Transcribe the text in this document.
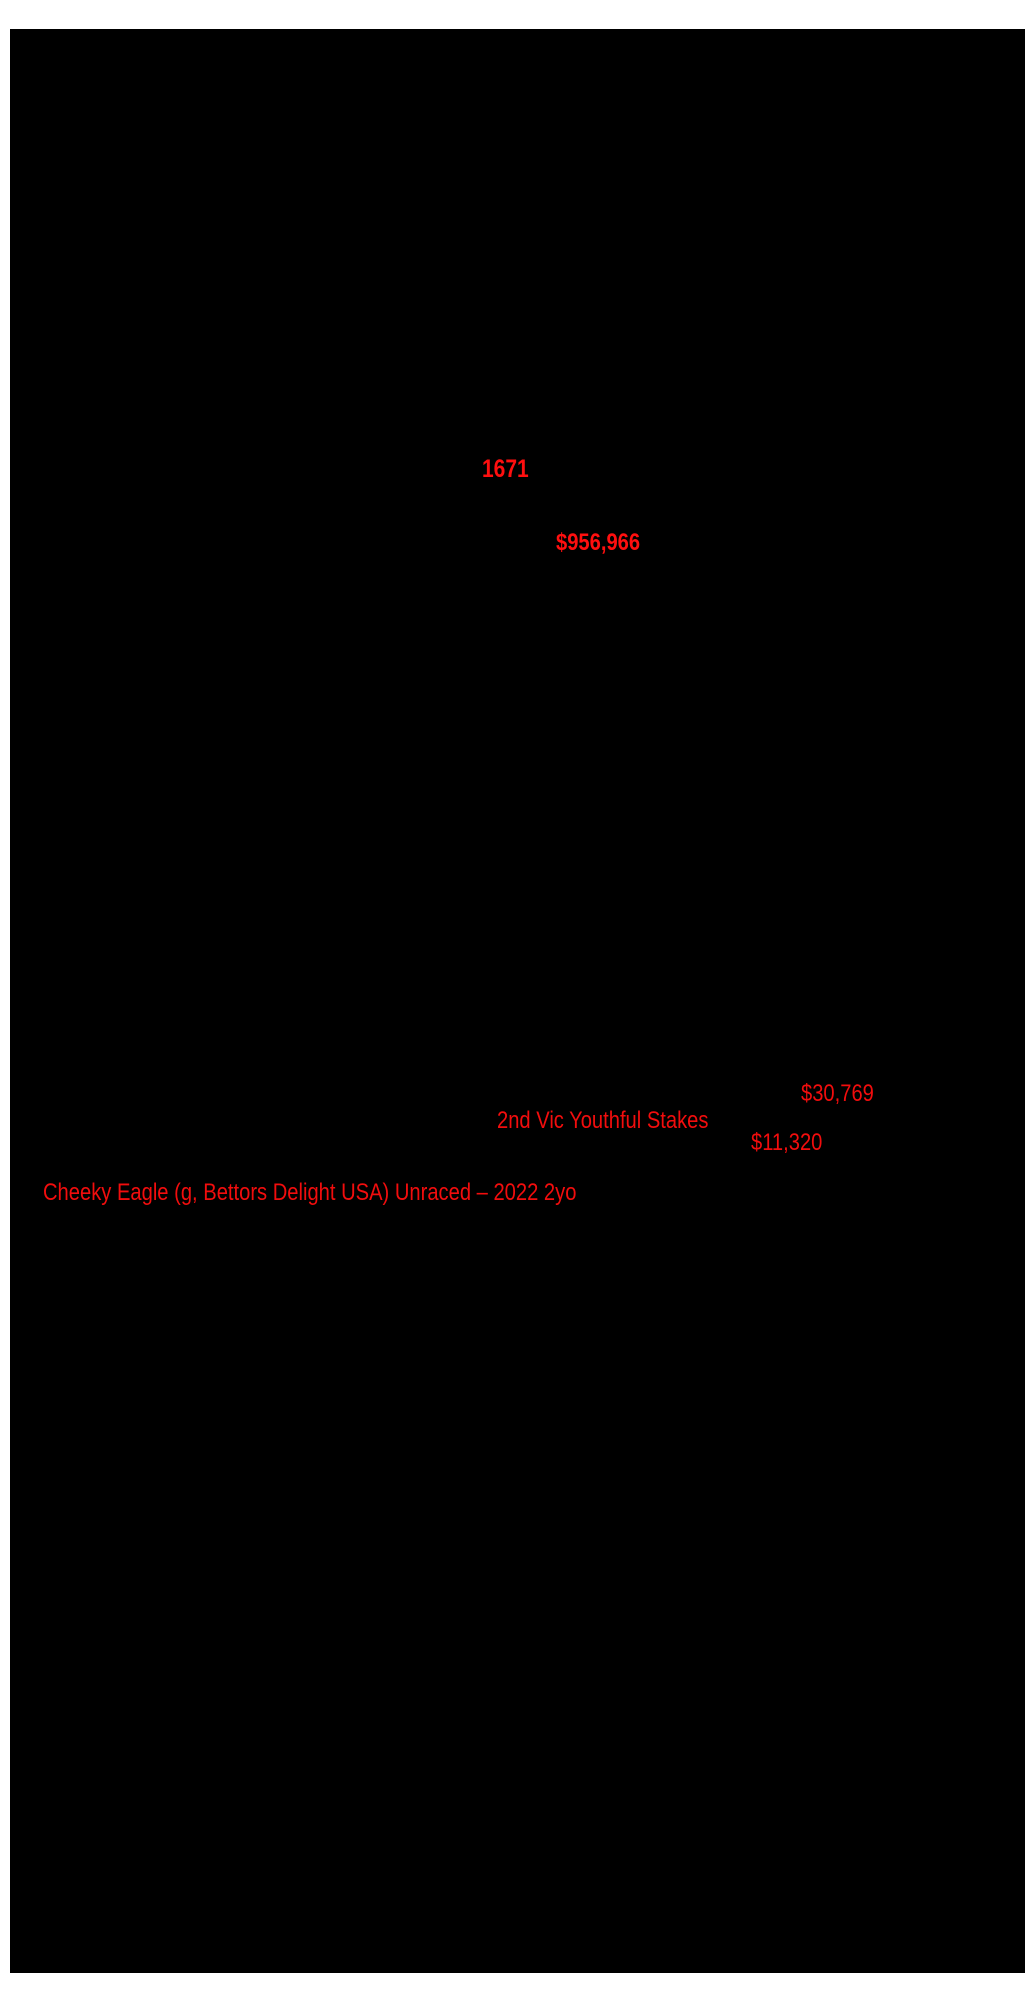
1671
$956,966
$30,769
2nd Vic Youthful Stakes
$11,320
Cheeky Eagle (g, Bettors Delight USA) Unraced – 2022 2yo
